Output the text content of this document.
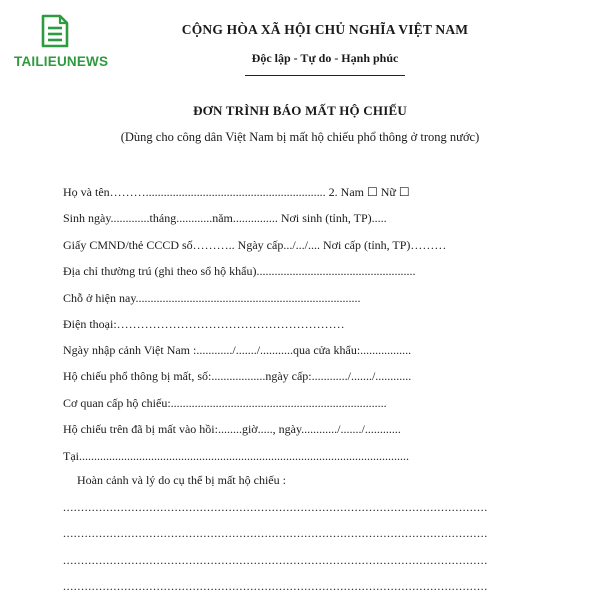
TAILIEUNEWS
CỘNG HÒA XÃ HỘI CHỦ NGHĨA VIỆT NAM
Độc lập - Tự do - Hạnh phúc
ĐƠN TRÌNH BÁO MẤT HỘ CHIẾU
(Dùng cho công dân Việt Nam bị mất hộ chiếu phổ thông ở trong nước)
Họ và tên………............................................................ 2. Nam ☐ Nữ ☐
Sinh ngày.............tháng............năm............... Nơi sinh (tỉnh, TP).....
Giấy CMND/thẻ CCCD số……….. Ngày cấp.../.../.... Nơi cấp (tỉnh, TP)………
Địa chỉ thường trú (ghi theo sổ hộ khẩu).....................................................
Chỗ ở hiện nay...........................................................................
Điện thoại:…………………………………………………
Ngày nhập cảnh Việt Nam :............/......./...........qua cửa khẩu:.................
Hộ chiếu phổ thông bị mất, số:..................ngày cấp:............/......./............
Cơ quan cấp hộ chiếu:........................................................................
Hộ chiếu trên đã bị mất vào hồi:........giờ....., ngày............/......./............
Tại..............................................................................................................
Hoàn cảnh và lý do cụ thể bị mất hộ chiếu :
......................................................................................................................
......................................................................................................................
......................................................................................................................
......................................................................................................................
